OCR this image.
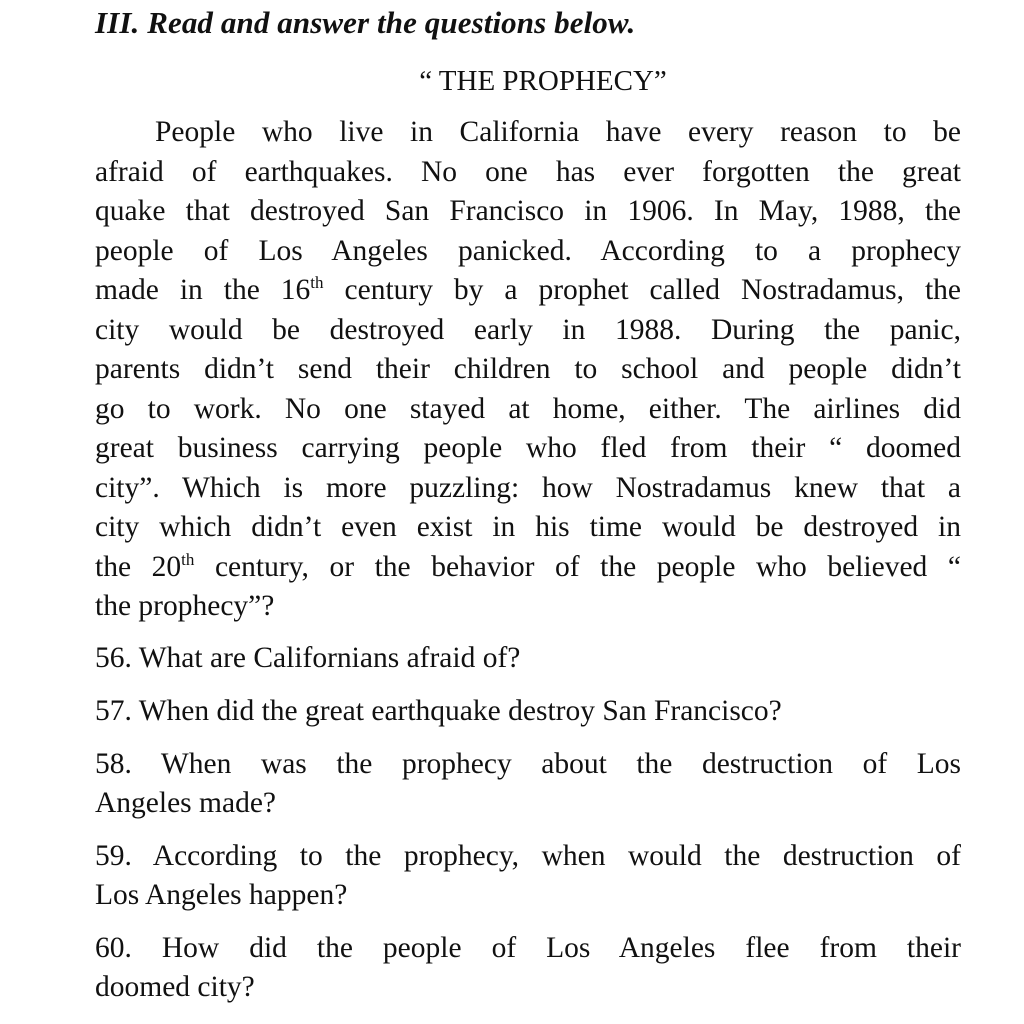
III. Read and answer the questions below.
“ THE PROPHECY”
People who live in California have every reason to be
afraid of earthquakes. No one has ever forgotten the great
quake that destroyed San Francisco in 1906. In May, 1988, the
people of Los Angeles panicked. According to a prophecy
made in the 16th century by a prophet called Nostradamus, the
city would be destroyed early in 1988. During the panic,
parents didn’t send their children to school and people didn’t
go to work. No one stayed at home, either. The airlines did
great business carrying people who fled from their “ doomed
city”. Which is more puzzling: how Nostradamus knew that a
city which didn’t even exist in his time would be destroyed in
the 20th century, or the behavior of the people who believed “
the prophecy”?
56. What are Californians afraid of?
57. When did the great earthquake destroy San Francisco?
58. When was the prophecy about the destruction of Los
Angeles made?
59. According to the prophecy, when would the destruction of
Los Angeles happen?
60. How did the people of Los Angeles flee from their
doomed city?
